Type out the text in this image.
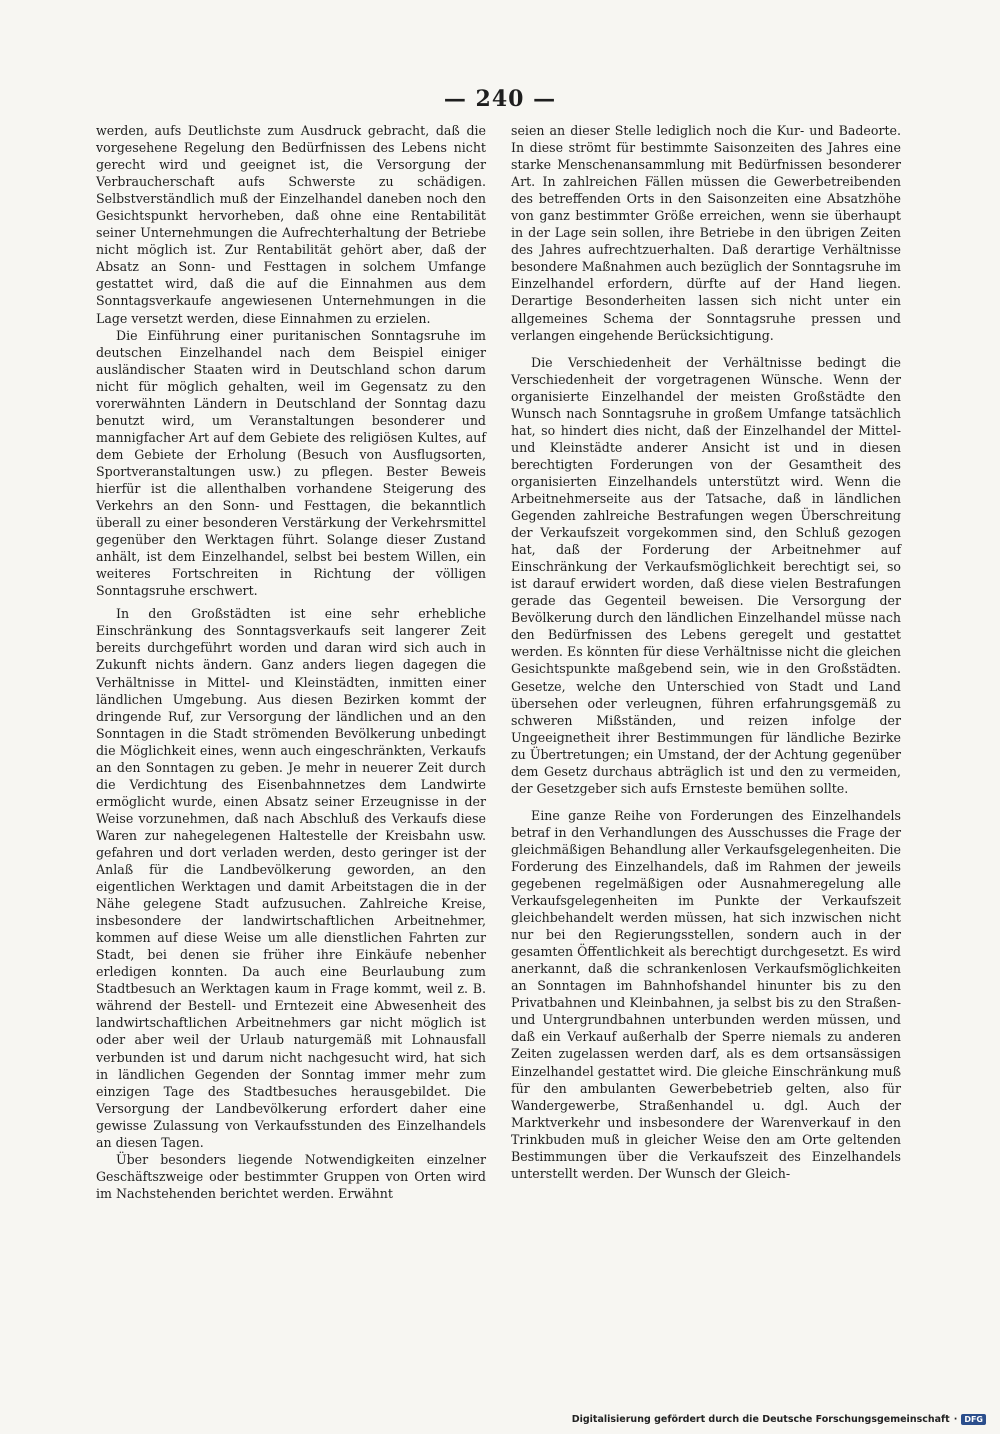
— 240 —

werden, aufs Deutlichste zum Ausdruck gebracht, daß die vorgesehene Regelung den Bedürfnissen des Lebens nicht gerecht wird und geeignet ist, die Versorgung der Verbraucherschaft aufs Schwerste zu schädigen. Selbstverständlich muß der Einzelhandel daneben noch den Gesichtspunkt hervorheben, daß ohne eine Rentabilität seiner Unternehmungen die Aufrechterhaltung der Betriebe nicht möglich ist. Zur Rentabilität gehört aber, daß der Absatz an Sonn- und Festtagen in solchem Umfange gestattet wird, daß die auf die Einnahmen aus dem Sonntagsverkaufe angewiesenen Unternehmungen in die Lage versetzt werden, diese Einnahmen zu erzielen.

Die Einführung einer puritanischen Sonntagsruhe im deutschen Einzelhandel nach dem Beispiel einiger ausländischer Staaten wird in Deutschland schon darum nicht für möglich gehalten, weil im Gegensatz zu den vorerwähnten Ländern in Deutschland der Sonntag dazu benutzt wird, um Veranstaltungen besonderer und mannigfacher Art auf dem Gebiete des religiösen Kultes, auf dem Gebiete der Erholung (Besuch von Ausflugsorten, Sportveranstaltungen usw.) zu pflegen. Bester Beweis hierfür ist die allenthalben vorhandene Steigerung des Verkehrs an den Sonn- und Festtagen, die bekanntlich überall zu einer besonderen Verstärkung der Verkehrsmittel gegenüber den Werktagen führt. Solange dieser Zustand anhält, ist dem Einzelhandel, selbst bei bestem Willen, ein weiteres Fortschreiten in Richtung der völligen Sonntagsruhe erschwert.

In den Großstädten ist eine sehr erhebliche Einschränkung des Sonntagsverkaufs seit langerer Zeit bereits durchgeführt worden und daran wird sich auch in Zukunft nichts ändern. Ganz anders liegen dagegen die Verhältnisse in Mittel- und Kleinstädten, inmitten einer ländlichen Umgebung. Aus diesen Bezirken kommt der dringende Ruf, zur Versorgung der ländlichen und an den Sonntagen in die Stadt strömenden Bevölkerung unbedingt die Möglichkeit eines, wenn auch eingeschränkten, Verkaufs an den Sonntagen zu geben. Je mehr in neuerer Zeit durch die Verdichtung des Eisenbahnnetzes dem Landwirte ermöglicht wurde, einen Absatz seiner Erzeugnisse in der Weise vorzunehmen, daß nach Abschluß des Verkaufs diese Waren zur nahegelegenen Haltestelle der Kreisbahn usw. gefahren und dort verladen werden, desto geringer ist der Anlaß für die Landbevölkerung geworden, an den eigentlichen Werktagen und damit Arbeitstagen die in der Nähe gelegene Stadt aufzusuchen. Zahlreiche Kreise, insbesondere der landwirtschaftlichen Arbeitnehmer, kommen auf diese Weise um alle dienstlichen Fahrten zur Stadt, bei denen sie früher ihre Einkäufe nebenher erledigen konnten. Da auch eine Beurlaubung zum Stadtbesuch an Werktagen kaum in Frage kommt, weil z. B. während der Bestell- und Erntezeit eine Abwesenheit des landwirtschaftlichen Arbeitnehmers gar nicht möglich ist oder aber weil der Urlaub naturgemäß mit Lohnausfall verbunden ist und darum nicht nachgesucht wird, hat sich in ländlichen Gegenden der Sonntag immer mehr zum einzigen Tage des Stadtbesuches herausgebildet. Die Versorgung der Landbevölkerung erfordert daher eine gewisse Zulassung von Verkaufsstunden des Einzelhandels an diesen Tagen.

Über besonders liegende Notwendigkeiten einzelner Geschäftszweige oder bestimmter Gruppen von Orten wird im Nachstehenden berichtet werden. Erwähnt

seien an dieser Stelle lediglich noch die Kur- und Badeorte. In diese strömt für bestimmte Saisonzeiten des Jahres eine starke Menschenansammlung mit Bedürfnissen besonderer Art. In zahlreichen Fällen müssen die Gewerbetreibenden des betreffenden Orts in den Saisonzeiten eine Absatzhöhe von ganz bestimmter Größe erreichen, wenn sie überhaupt in der Lage sein sollen, ihre Betriebe in den übrigen Zeiten des Jahres aufrechtzuerhalten. Daß derartige Verhältnisse besondere Maßnahmen auch bezüglich der Sonntagsruhe im Einzelhandel erfordern, dürfte auf der Hand liegen. Derartige Besonderheiten lassen sich nicht unter ein allgemeines Schema der Sonntagsruhe pressen und verlangen eingehende Berücksichtigung.

Die Verschiedenheit der Verhältnisse bedingt die Verschiedenheit der vorgetragenen Wünsche. Wenn der organisierte Einzelhandel der meisten Großstädte den Wunsch nach Sonntagsruhe in großem Umfange tatsächlich hat, so hindert dies nicht, daß der Einzelhandel der Mittel- und Kleinstädte anderer Ansicht ist und in diesen berechtigten Forderungen von der Gesamtheit des organisierten Einzelhandels unterstützt wird. Wenn die Arbeitnehmerseite aus der Tatsache, daß in ländlichen Gegenden zahlreiche Bestrafungen wegen Überschreitung der Verkaufszeit vorgekommen sind, den Schluß gezogen hat, daß der Forderung der Arbeitnehmer auf Einschränkung der Verkaufsmöglichkeit berechtigt sei, so ist darauf erwidert worden, daß diese vielen Bestrafungen gerade das Gegenteil beweisen. Die Versorgung der Bevölkerung durch den ländlichen Einzelhandel müsse nach den Bedürfnissen des Lebens geregelt und gestattet werden. Es könnten für diese Verhältnisse nicht die gleichen Gesichtspunkte maßgebend sein, wie in den Großstädten. Gesetze, welche den Unterschied von Stadt und Land übersehen oder verleugnen, führen erfahrungsgemäß zu schweren Mißständen, und reizen infolge der Ungeeignetheit ihrer Bestimmungen für ländliche Bezirke zu Übertretungen; ein Umstand, der der Achtung gegenüber dem Gesetz durchaus abträglich ist und den zu vermeiden, der Gesetzgeber sich aufs Ernsteste bemühen sollte.

Eine ganze Reihe von Forderungen des Einzelhandels betraf in den Verhandlungen des Ausschusses die Frage der gleichmäßigen Behandlung aller Verkaufsgelegenheiten. Die Forderung des Einzelhandels, daß im Rahmen der jeweils gegebenen regelmäßigen oder Ausnahmeregelung alle Verkaufsgelegenheiten im Punkte der Verkaufszeit gleichbehandelt werden müssen, hat sich inzwischen nicht nur bei den Regierungsstellen, sondern auch in der gesamten Öffentlichkeit als berechtigt durchgesetzt. Es wird anerkannt, daß die schrankenlosen Verkaufsmöglichkeiten an Sonntagen im Bahnhofshandel hinunter bis zu den Privatbahnen und Kleinbahnen, ja selbst bis zu den Straßen- und Untergrundbahnen unterbunden werden müssen, und daß ein Verkauf außerhalb der Sperre niemals zu anderen Zeiten zugelassen werden darf, als es dem ortsansässigen Einzelhandel gestattet wird. Die gleiche Einschränkung muß für den ambulanten Gewerbebetrieb gelten, also für Wandergewerbe, Straßenhandel u. dgl. Auch der Marktverkehr und insbesondere der Warenverkauf in den Trinkbuden muß in gleicher Weise den am Orte geltenden Bestimmungen über die Verkaufszeit des Einzelhandels unterstellt werden. Der Wunsch der Gleich-

Digitalisierung gefördert durch die Deutsche Forschungsgemeinschaft · DFG
